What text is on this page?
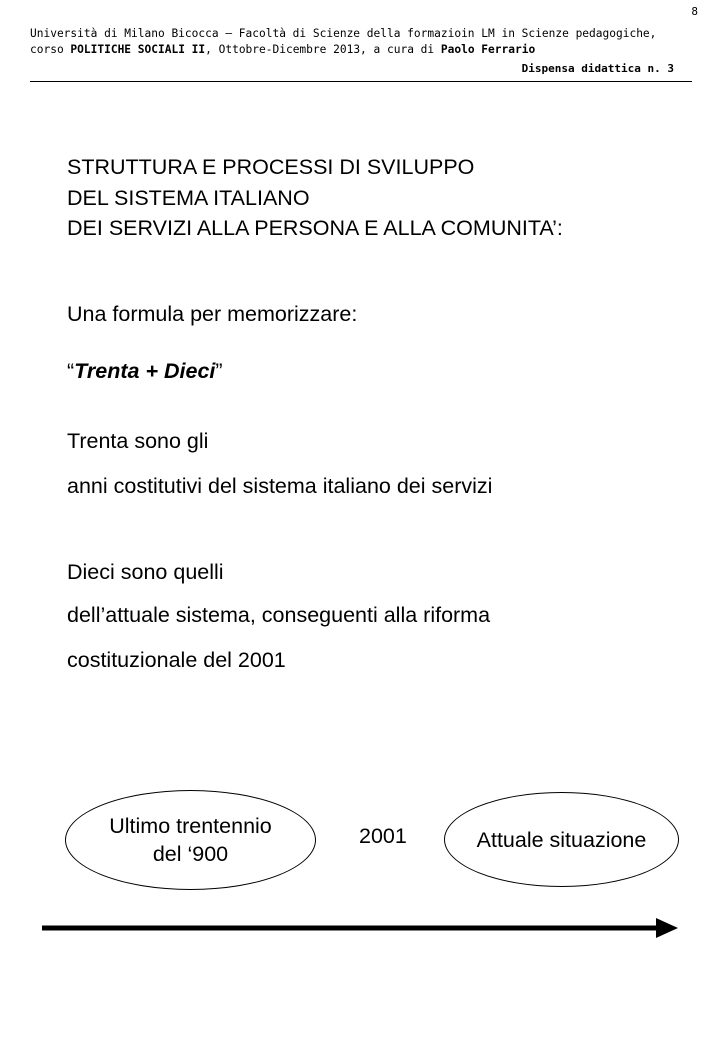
8
Università di Milano Bicocca – Facoltà di Scienze della formazioin LM in Scienze pedagogiche,
corso POLITICHE SOCIALI II, Ottobre-Dicembre 2013, a cura di Paolo Ferrario
Dispensa didattica n. 3
STRUTTURA E PROCESSI DI SVILUPPO
DEL SISTEMA ITALIANO
DEI SERVIZI ALLA PERSONA E ALLA COMUNITA’:
Una formula per memorizzare:
“Trenta + Dieci”
Trenta sono gli
anni costitutivi del sistema italiano dei servizi
Dieci sono quelli
dell’attuale sistema, conseguenti alla riforma
costituzionale del 2001
Ultimo trentennio
del ‘900
2001	Attuale situazione
